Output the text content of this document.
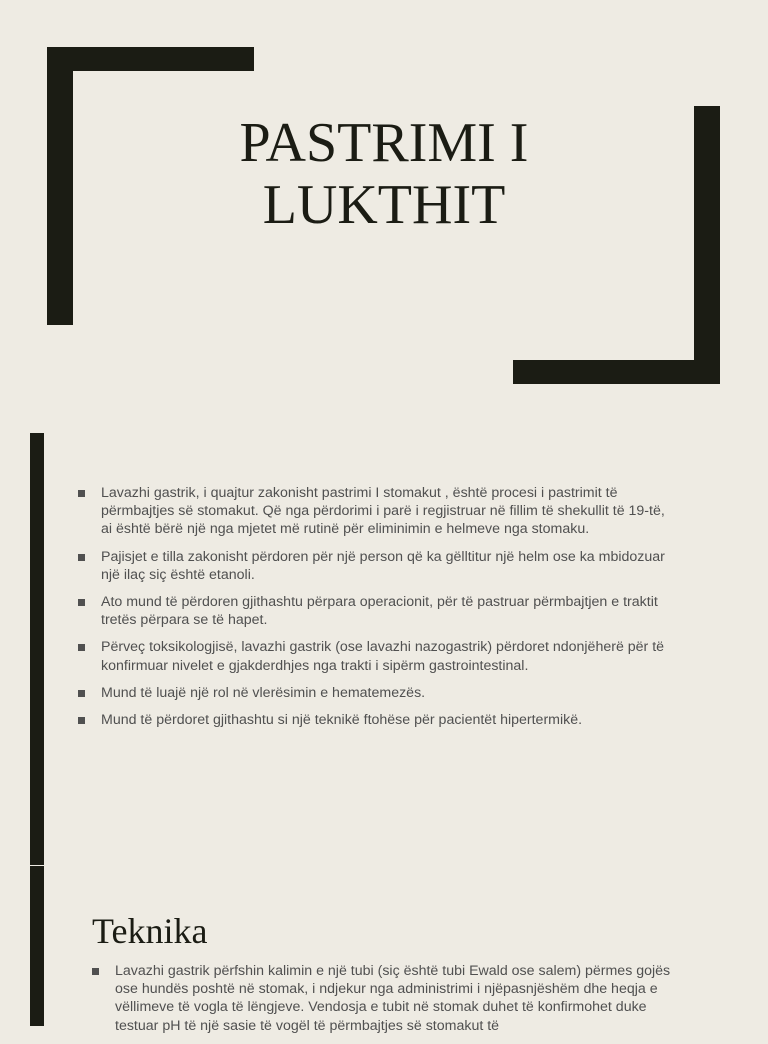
PASTRIMI I
LUKTHIT
Lavazhi gastrik, i quajtur zakonisht pastrimi I stomakut , është procesi i pastrimit të përmbajtjes së stomakut. Që nga përdorimi i parë i regjistruar në fillim të shekullit të 19-të, ai është bërë një nga mjetet më rutinë për eliminimin e helmeve nga stomaku.
Pajisjet e tilla zakonisht përdoren për një person që ka gëlltitur një helm ose ka mbidozuar një ilaç siç është etanoli.
Ato mund të përdoren gjithashtu përpara operacionit, për të pastruar përmbajtjen e traktit tretës përpara se të hapet.
Përveç toksikologjisë, lavazhi gastrik (ose lavazhi nazogastrik) përdoret ndonjëherë për të konfirmuar nivelet e gjakderdhjes nga trakti i sipërm gastrointestinal.
Mund të luajë një rol në vlerësimin e hematemezës.
Mund të përdoret gjithashtu si një teknikë ftohëse për pacientët hipertermikë.
Teknika
Lavazhi gastrik përfshin kalimin e një tubi (siç është tubi Ewald ose salem) përmes gojës ose hundës poshtë në stomak, i ndjekur nga administrimi i njëpasnjëshëm dhe heqja e vëllimeve të vogla të lëngjeve. Vendosja e tubit në stomak duhet të konfirmohet duke testuar pH të një sasie të vogël të përmbajtjes së stomakut të
